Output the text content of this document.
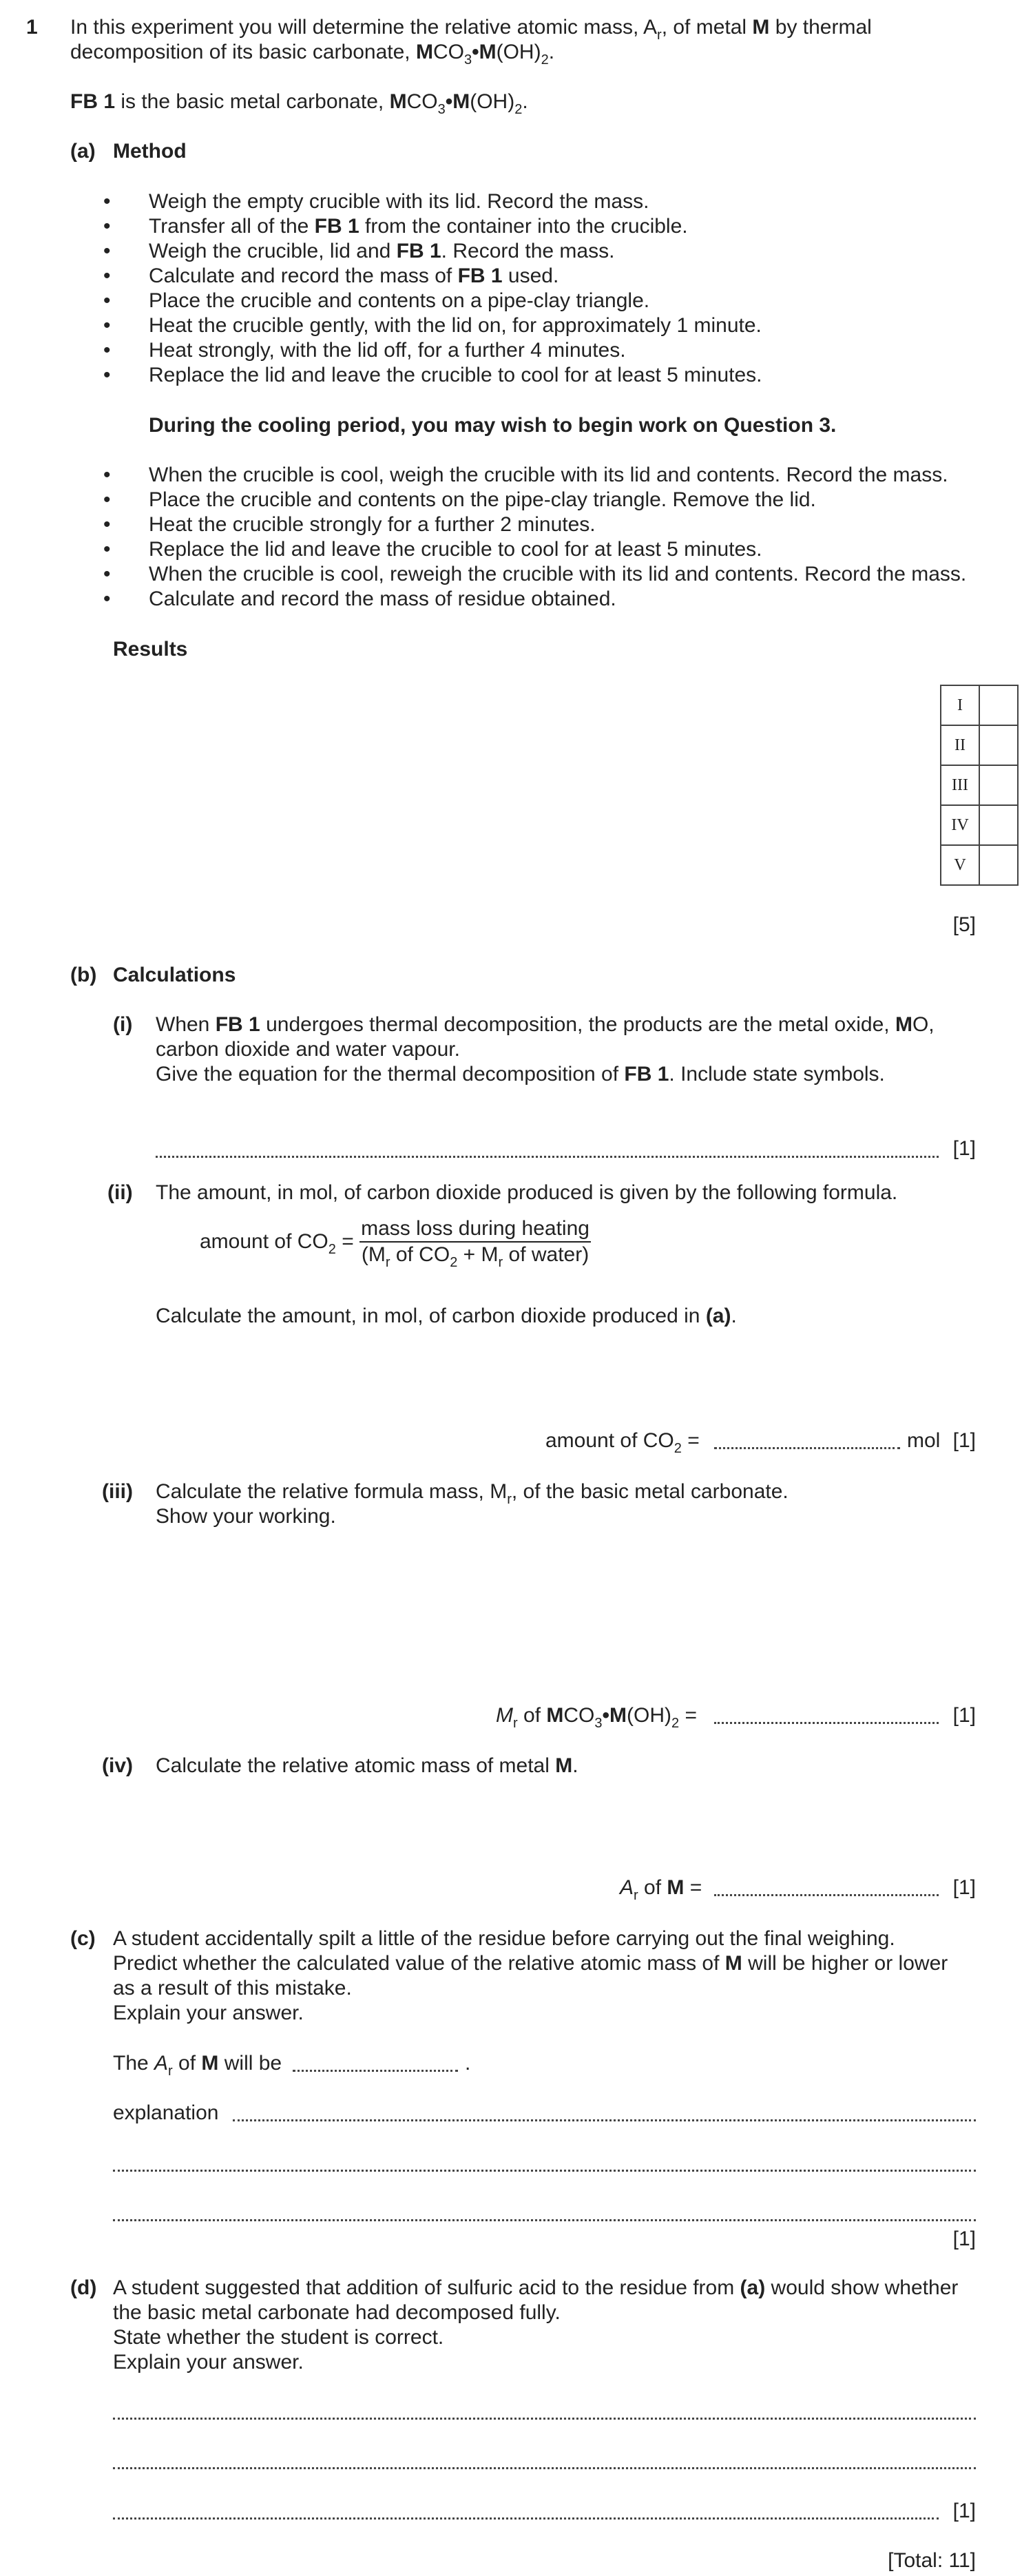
1 In this experiment you will determine the relative atomic mass, $A_r$, of metal M by thermal
decomposition of its basic carbonate, $MCO_3•M(OH)_2$.
FB 1 is the basic metal carbonate, $MCO_3•M(OH)_2$.
(a) Method
• Weigh the empty crucible with its lid. Record the mass.
• Transfer all of the FB 1 from the container into the crucible.
• Weigh the crucible, lid and FB 1. Record the mass.
• Calculate and record the mass of FB 1 used.
• Place the crucible and contents on a pipe-clay triangle.
• Heat the crucible gently, with the lid on, for approximately 1 minute.
• Heat strongly, with the lid off, for a further 4 minutes.
• Replace the lid and leave the crucible to cool for at least 5 minutes.
During the cooling period, you may wish to begin work on Question 3.
• When the crucible is cool, weigh the crucible with its lid and contents. Record the mass.
• Place the crucible and contents on the pipe-clay triangle. Remove the lid.
• Heat the crucible strongly for a further 2 minutes.
• Replace the lid and leave the crucible to cool for at least 5 minutes.
• When the crucible is cool, reweigh the crucible with its lid and contents. Record the mass.
• Calculate and record the mass of residue obtained.
Results
I	
II	
III	
IV	
V	
[5]
(b) Calculations
(i) When FB 1 undergoes thermal decomposition, the products are the metal oxide, MO,
carbon dioxide and water vapour.
Give the equation for the thermal decomposition of FB 1. Include state symbols.
[1]
(ii) The amount, in mol, of carbon dioxide produced is given by the following formula.
amount of $CO_2 = \frac{\text{mass loss during heating}}{(M_r of CO_2 + M_r of water)}$
Calculate the amount, in mol, of carbon dioxide produced in (a).
amount of $CO_2$ =	mol [1]
(iii) Calculate the relative formula mass, $M_r$, of the basic metal carbonate.
Show your working.
$M_r$ of $MCO_3•M(OH)_2$ =	[1]
(iv) Calculate the relative atomic mass of metal M.
$A_r$ of M =	[1]
(c) A student accidentally spilt a little of the residue before carrying out the final weighing.
Predict whether the calculated value of the relative atomic mass of M will be higher or lower
as a result of this mistake.
Explain your answer.
The $A_r$ of M will be	.
explanation
[1]
(d) A student suggested that addition of sulfuric acid to the residue from (a) would show whether
the basic metal carbonate had decomposed fully.
State whether the student is correct.
Explain your answer.
[1]
[Total: 11]
